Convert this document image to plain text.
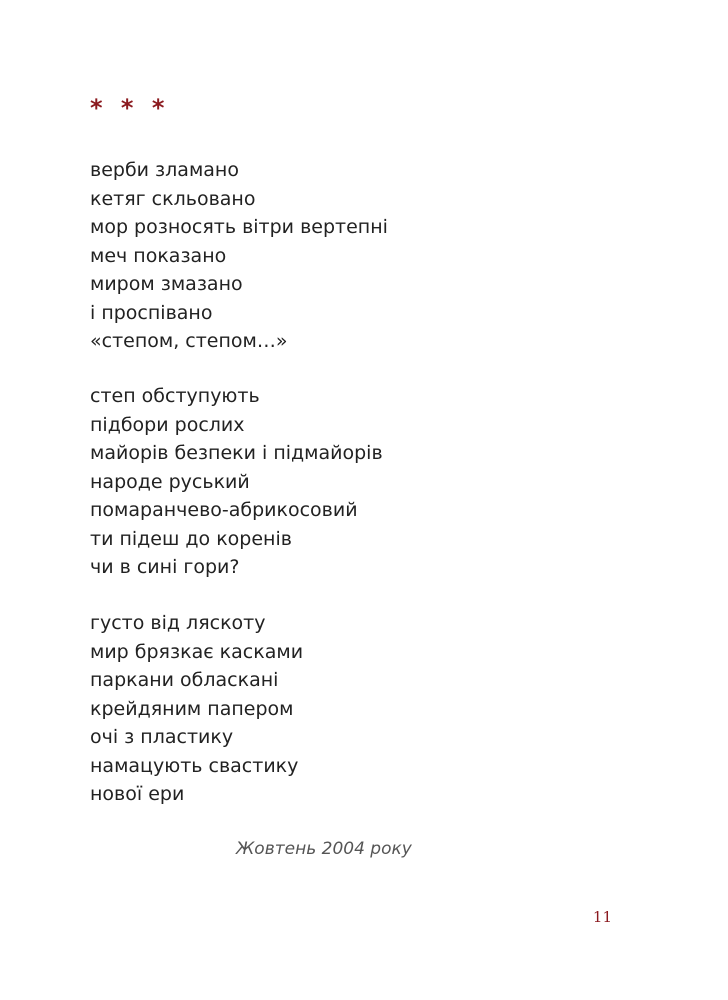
* * *
верби зламано
кетяг скльовано
мор розносять вітри вертепні
меч показано
миром змазано
і проспівано
«степом, степом…»
степ обступують
підбори рослих
майорів безпеки і підмайорів
народе руський
помаранчево-абрикосовий
ти підеш до коренів
чи в сині гори?
густо від ляскоту
мир брязкає касками
паркани обласкані
крейдяним папером
очі з пластику
намацують свастику
нової ери
Жовтень 2004 року
11
